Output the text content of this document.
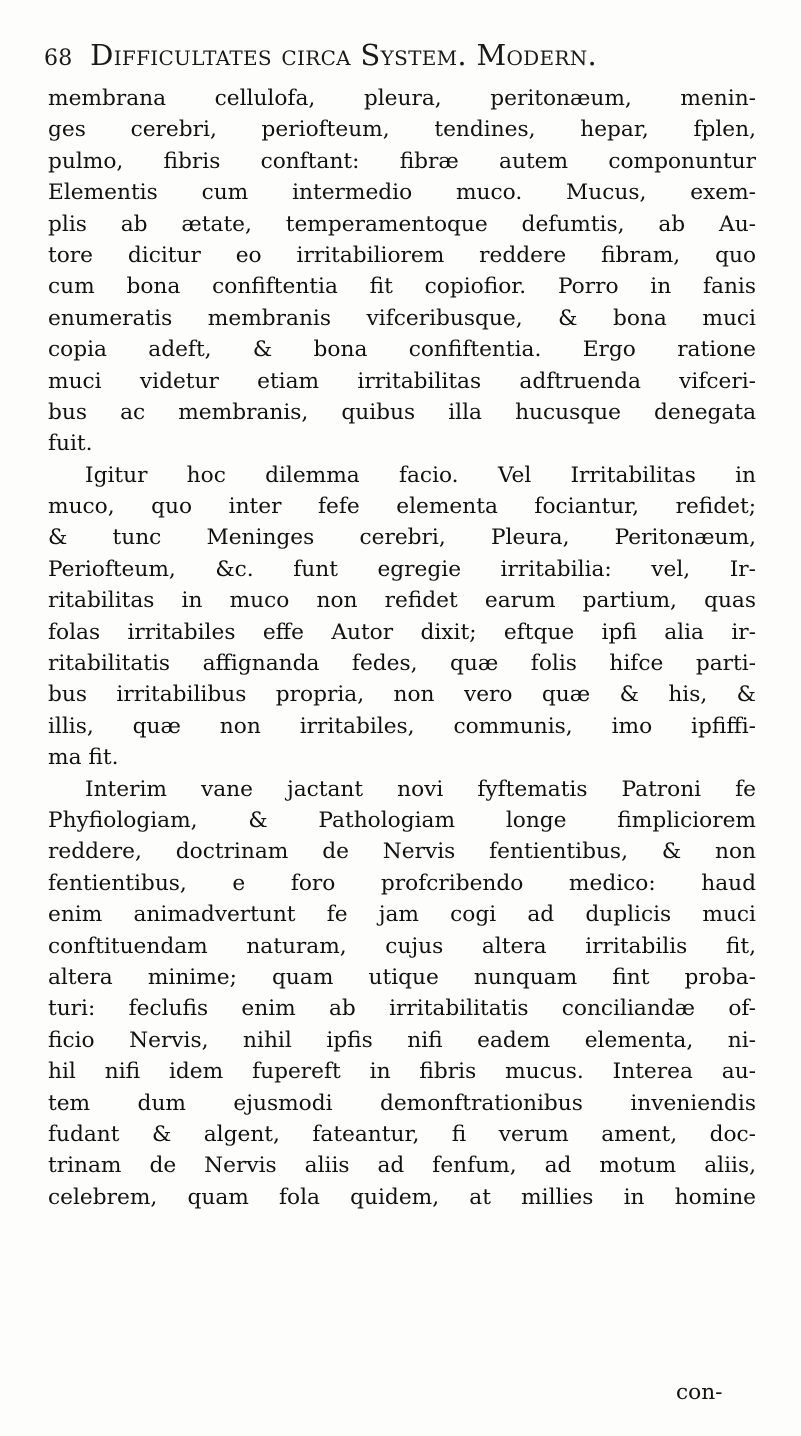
68 Difficultates circa System. Modern.
membrana cellulofa, pleura, peritonæum, menin-
ges cerebri, periofteum, tendines, hepar, fplen,
pulmo, fibris conftant: fibræ autem componuntur
Elementis cum intermedio muco. Mucus, exem-
plis ab ætate, temperamentoque defumtis, ab Au-
tore dicitur eo irritabiliorem reddere fibram, quo
cum bona confiftentia fit copiofior. Porro in fanis
enumeratis membranis vifceribusque, & bona muci
copia adeft, & bona confiftentia. Ergo ratione
muci videtur etiam irritabilitas adftruenda vifceri-
bus ac membranis, quibus illa hucusque denegata
fuit.
Igitur hoc dilemma facio. Vel Irritabilitas in
muco, quo inter fefe elementa fociantur, refidet;
& tunc Meninges cerebri, Pleura, Peritonæum,
Periofteum, &c. funt egregie irritabilia: vel, Ir-
ritabilitas in muco non refidet earum partium, quas
folas irritabiles effe Autor dixit; eftque ipfi alia ir-
ritabilitatis affignanda fedes, quæ folis hifce parti-
bus irritabilibus propria, non vero quæ & his, &
illis, quæ non irritabiles, communis, imo ipfiffi-
ma fit.
Interim vane jactant novi fyftematis Patroni fe
Phyfiologiam, & Pathologiam longe fimpliciorem
reddere, doctrinam de Nervis fentientibus, & non
fentientibus, e foro profcribendo medico: haud
enim animadvertunt fe jam cogi ad duplicis muci
conftituendam naturam, cujus altera irritabilis fit,
altera minime; quam utique nunquam fint proba-
turi: feclufis enim ab irritabilitatis conciliandæ of-
ficio Nervis, nihil ipfis nifi eadem elementa, ni-
hil nifi idem fupereft in fibris mucus. Interea au-
tem dum ejusmodi demonftrationibus inveniendis
fudant & algent, fateantur, fi verum ament, doc-
trinam de Nervis aliis ad fenfum, ad motum aliis,
celebrem, quam fola quidem, at millies in homine
con-
